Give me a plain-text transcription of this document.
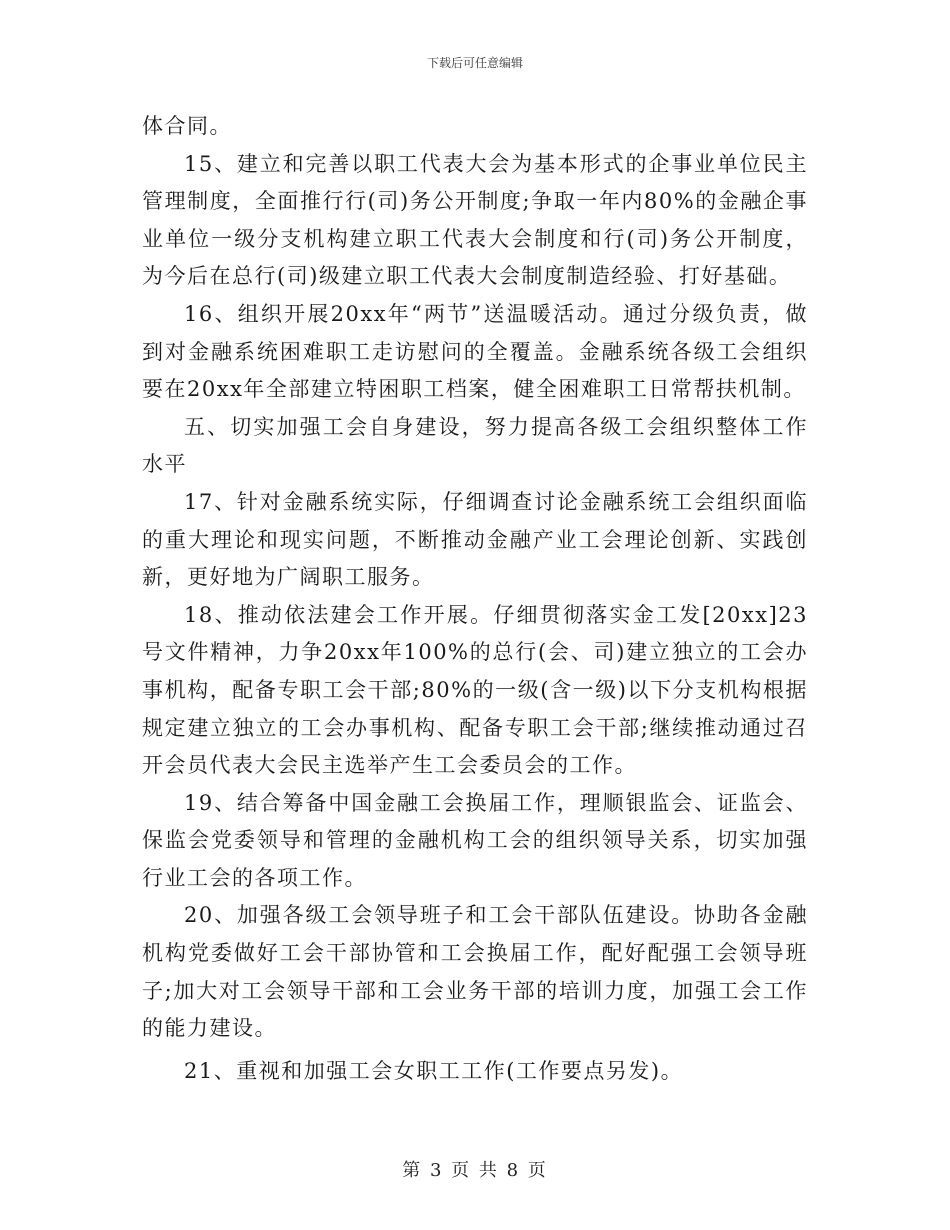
下载后可任意编辑

体合同。

15、建立和完善以职工代表大会为基本形式的企事业单位民主管理制度，全面推行行(司)务公开制度;争取一年内80%的金融企事业单位一级分支机构建立职工代表大会制度和行(司)务公开制度，为今后在总行(司)级建立职工代表大会制度制造经验、打好基础。

16、组织开展20xx年“两节”送温暖活动。通过分级负责，做到对金融系统困难职工走访慰问的全覆盖。金融系统各级工会组织要在20xx年全部建立特困职工档案，健全困难职工日常帮扶机制。

五、切实加强工会自身建设，努力提高各级工会组织整体工作水平

17、针对金融系统实际，仔细调查讨论金融系统工会组织面临的重大理论和现实问题，不断推动金融产业工会理论创新、实践创新，更好地为广阔职工服务。

18、推动依法建会工作开展。仔细贯彻落实金工发[20xx]23号文件精神，力争20xx年100%的总行(会、司)建立独立的工会办事机构，配备专职工会干部;80%的一级(含一级)以下分支机构根据规定建立独立的工会办事机构、配备专职工会干部;继续推动通过召开会员代表大会民主选举产生工会委员会的工作。

19、结合筹备中国金融工会换届工作，理顺银监会、证监会、保监会党委领导和管理的金融机构工会的组织领导关系，切实加强行业工会的各项工作。

20、加强各级工会领导班子和工会干部队伍建设。协助各金融机构党委做好工会干部协管和工会换届工作，配好配强工会领导班子;加大对工会领导干部和工会业务干部的培训力度，加强工会工作的能力建设。

21、重视和加强工会女职工工作(工作要点另发)。

第 3 页 共 8 页
